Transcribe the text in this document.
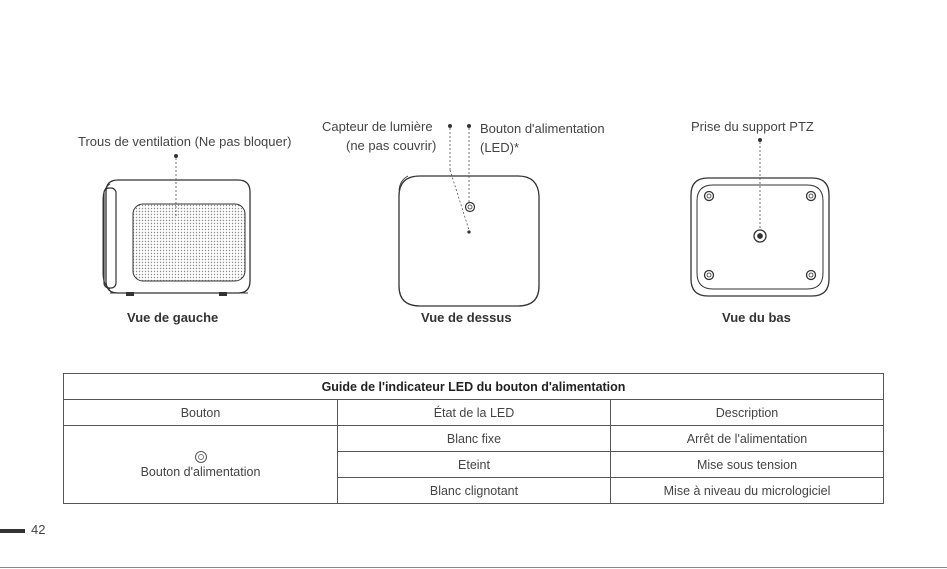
Trous de ventilation (Ne pas bloquer)
Capteur de lumière
(ne pas couvrir)
Bouton d'alimentation
(LED)*
Prise du support PTZ
Vue de gauche	Vue de dessus	Vue du bas
Guide de l'indicateur LED du bouton d'alimentation		
Bouton	État de la LED	Description

Bouton d'alimentation	Blanc fixe	Arrêt de l'alimentation
	Eteint	Mise sous tension
	Blanc clignotant	Mise à niveau du micrologiciel
42
